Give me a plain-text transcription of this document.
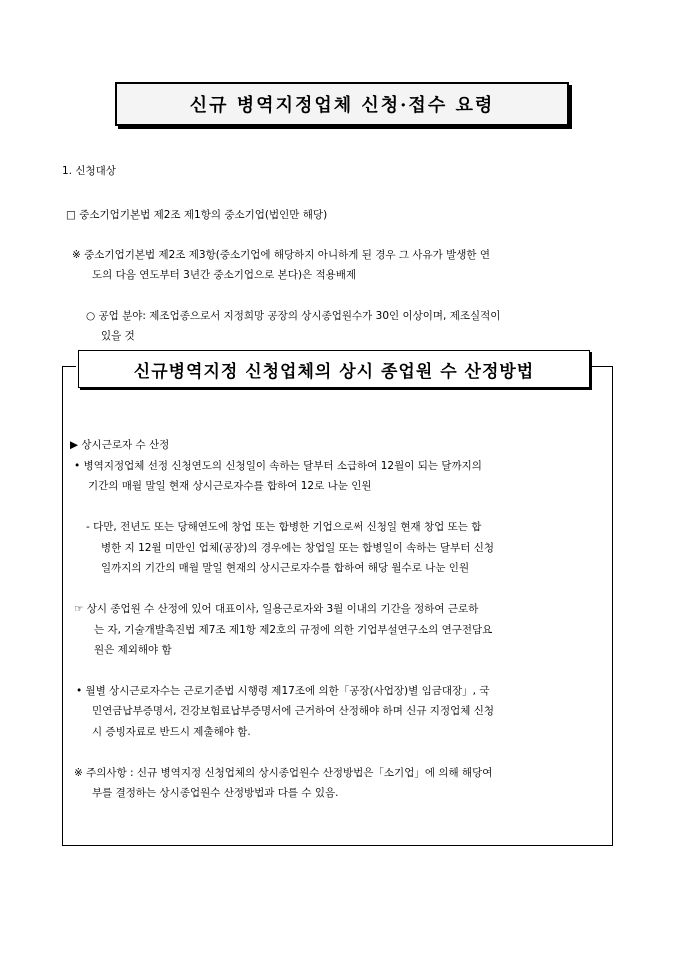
신규 병역지정업체 신청·접수 요령
1. 신청대상
□ 중소기업기본법 제2조 제1항의 중소기업(법인만 해당)
※ 중소기업기본법 제2조 제3항(중소기업에 해당하지 아니하게 된 경우 그 사유가 발생한 연
도의 다음 연도부터 3년간 중소기업으로 본다)은 적용배제
○ 공업 분야: 제조업종으로서 지정희망 공장의 상시종업원수가 30인 이상이며, 제조실적이
있을 것
신규병역지정 신청업체의 상시 종업원 수 산정방법
▶ 상시근로자 수 산정
• 병역지정업체 선정 신청연도의 신청일이 속하는 달부터 소급하여 12월이 되는 달까지의
기간의 매월 말일 현재 상시근로자수를 합하여 12로 나눈 인원
- 다만, 전년도 또는 당해연도에 창업 또는 합병한 기업으로써 신청일 현재 창업 또는 합
병한 지 12월 미만인 업체(공장)의 경우에는 창업일 또는 합병일이 속하는 달부터 신청
일까지의 기간의 매월 말일 현재의 상시근로자수를 합하여 해당 월수로 나눈 인원
☞ 상시 종업원 수 산정에 있어 대표이사, 일용근로자와 3월 이내의 기간을 정하여 근로하
는 자, 기술개발촉진법 제7조 제1항 제2호의 규정에 의한 기업부설연구소의 연구전담요
원은 제외해야 함
• 월별 상시근로자수는 근로기준법 시행령 제17조에 의한「공장(사업장)별 임금대장」, 국
민연금납부증명서, 건강보험료납부증명서에 근거하여 산정해야 하며 신규 지정업체 신청
시 증빙자료로 반드시 제출해야 함.
※ 주의사항 : 신규 병역지정 신청업체의 상시종업원수 산정방법은「소기업」에 의해 해당여
부를 결정하는 상시종업원수 산정방법과 다를 수 있음.
